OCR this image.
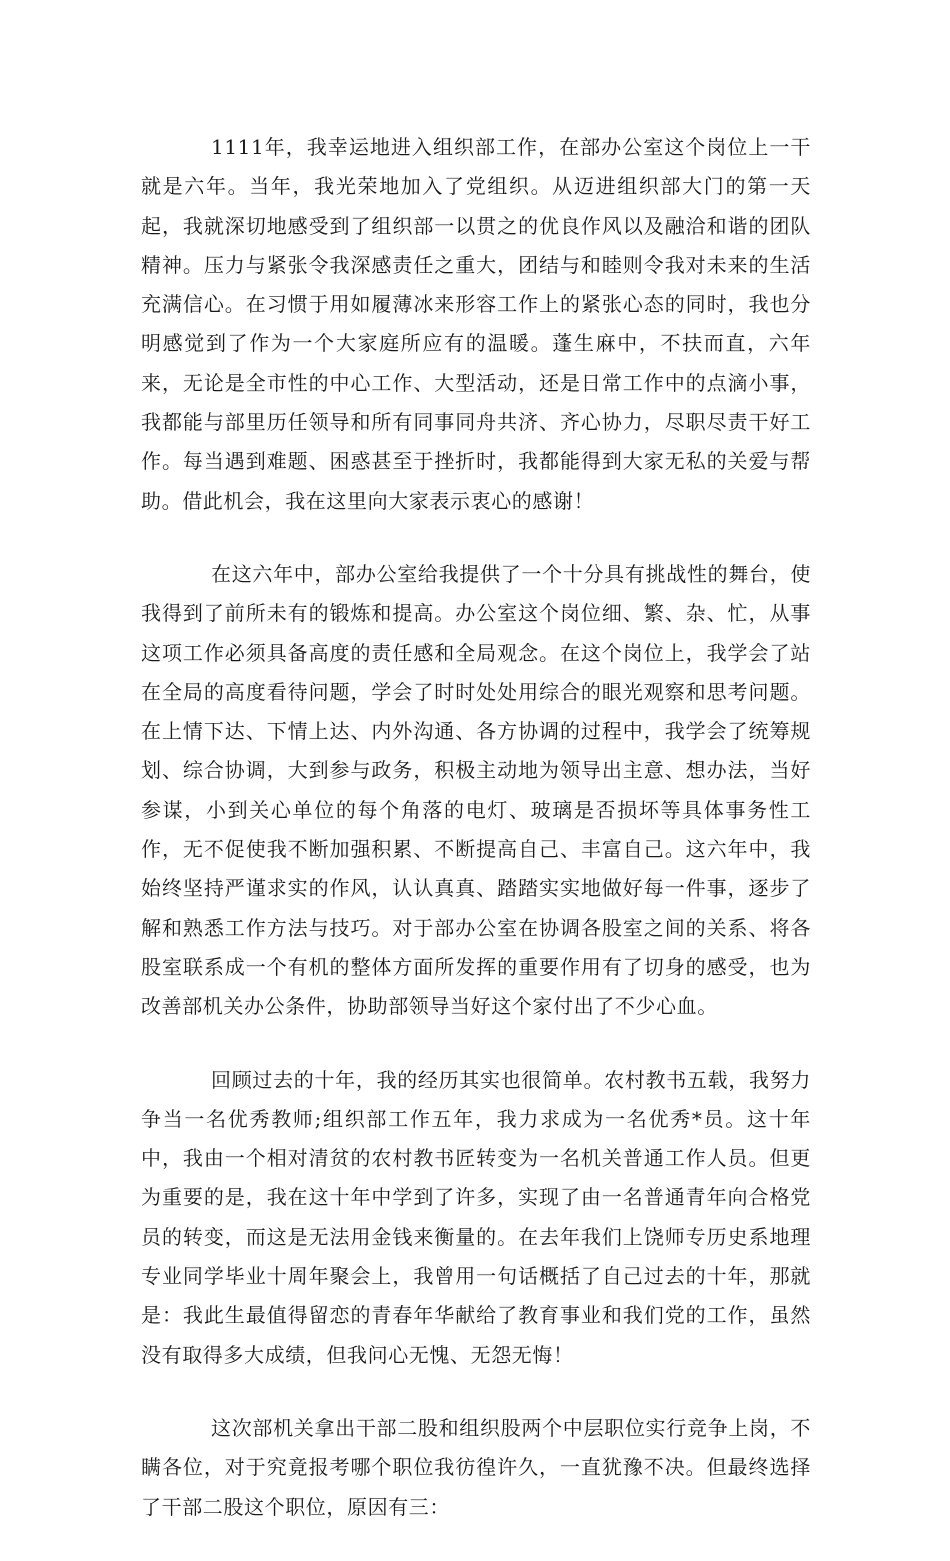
1111年，我幸运地进入组织部工作，在部办公室这个岗位上一干就是六年。当年，我光荣地加入了党组织。从迈进组织部大门的第一天起，我就深切地感受到了组织部一以贯之的优良作风以及融洽和谐的团队精神。压力与紧张令我深感责任之重大，团结与和睦则令我对未来的生活充满信心。在习惯于用如履薄冰来形容工作上的紧张心态的同时，我也分明感觉到了作为一个大家庭所应有的温暖。蓬生麻中，不扶而直，六年来，无论是全市性的中心工作、大型活动，还是日常工作中的点滴小事，我都能与部里历任领导和所有同事同舟共济、齐心协力，尽职尽责干好工作。每当遇到难题、困惑甚至于挫折时，我都能得到大家无私的关爱与帮助。借此机会，我在这里向大家表示衷心的感谢！

在这六年中，部办公室给我提供了一个十分具有挑战性的舞台，使我得到了前所未有的锻炼和提高。办公室这个岗位细、繁、杂、忙，从事这项工作必须具备高度的责任感和全局观念。在这个岗位上，我学会了站在全局的高度看待问题，学会了时时处处用综合的眼光观察和思考问题。在上情下达、下情上达、内外沟通、各方协调的过程中，我学会了统筹规划、综合协调，大到参与政务，积极主动地为领导出主意、想办法，当好参谋，小到关心单位的每个角落的电灯、玻璃是否损坏等具体事务性工作，无不促使我不断加强积累、不断提高自己、丰富自己。这六年中，我始终坚持严谨求实的作风，认认真真、踏踏实实地做好每一件事，逐步了解和熟悉工作方法与技巧。对于部办公室在协调各股室之间的关系、将各股室联系成一个有机的整体方面所发挥的重要作用有了切身的感受，也为改善部机关办公条件，协助部领导当好这个家付出了不少心血。

回顾过去的十年，我的经历其实也很简单。农村教书五载，我努力争当一名优秀教师;组织部工作五年，我力求成为一名优秀*员。这十年中，我由一个相对清贫的农村教书匠转变为一名机关普通工作人员。但更为重要的是，我在这十年中学到了许多，实现了由一名普通青年向合格党员的转变，而这是无法用金钱来衡量的。在去年我们上饶师专历史系地理专业同学毕业十周年聚会上，我曾用一句话概括了自己过去的十年，那就是：我此生最值得留恋的青春年华献给了教育事业和我们党的工作，虽然没有取得多大成绩，但我问心无愧、无怨无悔！

这次部机关拿出干部二股和组织股两个中层职位实行竞争上岗，不瞒各位，对于究竟报考哪个职位我彷徨许久，一直犹豫不决。但最终选择了干部二股这个职位，原因有三：
